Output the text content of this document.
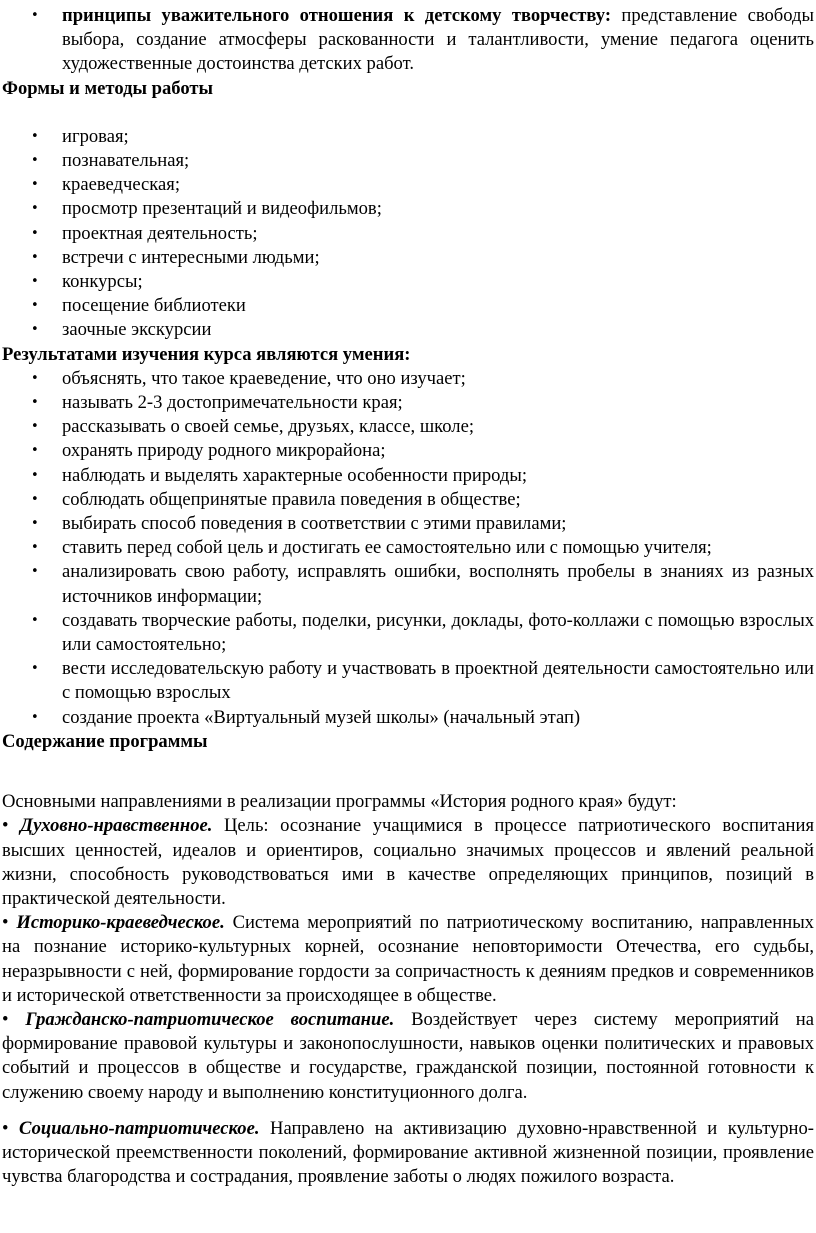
• принципы уважительного отношения к детскому творчеству: представление свободы выбора, создание атмосферы раскованности и талантливости, умение педагога оценить художественные достоинства детских работ.
Формы и методы работы
• игровая;
• познавательная;
• краеведческая;
• просмотр презентаций и видеофильмов;
• проектная деятельность;
• встречи с интересными людьми;
• конкурсы;
• посещение библиотеки
• заочные экскурсии
Результатами изучения курса являются умения:
• объяснять, что такое краеведение, что оно изучает;
• называть 2-3 достопримечательности края;
• рассказывать о своей семье, друзьях, классе, школе;
• охранять природу родного микрорайона;
• наблюдать и выделять характерные особенности природы;
• соблюдать общепринятые правила поведения в обществе;
• выбирать способ поведения в соответствии с этими правилами;
• ставить перед собой цель и достигать ее самостоятельно или с помощью учителя;
• анализировать свою работу, исправлять ошибки, восполнять пробелы в знаниях из разных источников информации;
• создавать творческие работы, поделки, рисунки, доклады, фото-коллажи с помощью взрослых или самостоятельно;
• вести исследовательскую работу и участвовать в проектной деятельности самостоятельно или с помощью взрослых
• создание проекта «Виртуальный музей школы» (начальный этап)
Содержание программы
Основными направлениями в реализации программы «История родного края» будут:
• Духовно-нравственное. Цель: осознание учащимися в процессе патриотического воспитания высших ценностей, идеалов и ориентиров, социально значимых процессов и явлений реальной жизни, способность руководствоваться ими в качестве определяющих принципов, позиций в практической деятельности.
• Историко-краеведческое. Система мероприятий по патриотическому воспитанию, направленных на познание историко-культурных корней, осознание неповторимости Отечества, его судьбы, неразрывности с ней, формирование гордости за сопричастность к деяниям предков и современников и исторической ответственности за происходящее в обществе.
• Гражданско-патриотическое воспитание. Воздействует через систему мероприятий на формирование правовой культуры и законопослушности, навыков оценки политических и правовых событий и процессов в обществе и государстве, гражданской позиции, постоянной готовности к служению своему народу и выполнению конституционного долга.
• Социально-патриотическое. Направлено на активизацию духовно-нравственной и культурно-исторической преемственности поколений, формирование активной жизненной позиции, проявление чувства благородства и сострадания, проявление заботы о людях пожилого возраста.
